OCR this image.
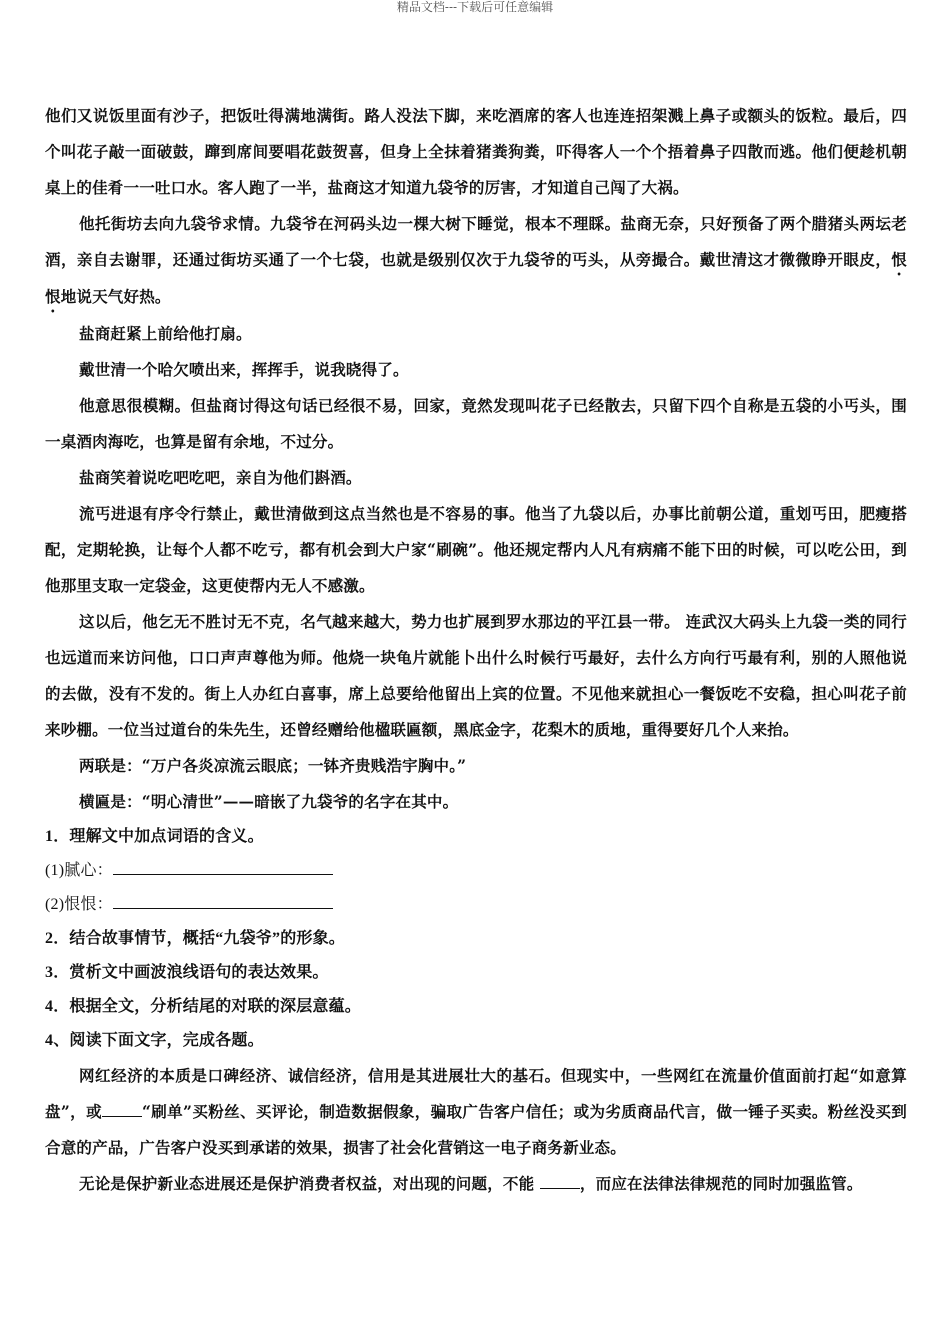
精品文档---下载后可任意编辑

他们又说饭里面有沙子，把饭吐得满地满街。路人没法下脚，来吃酒席的客人也连连招架溅上鼻子或额头的饭粒。最后，四个叫花子敲一面破鼓，蹿到席间要唱花鼓贺喜，但身上全抹着猪粪狗粪，吓得客人一个个捂着鼻子四散而逃。他们便趁机朝桌上的佳肴一一吐口水。客人跑了一半，盐商这才知道九袋爷的厉害，才知道自己闯了大祸。

他托街坊去向九袋爷求情。九袋爷在河码头边一棵大树下睡觉，根本不理睬。盐商无奈，只好预备了两个腊猪头两坛老酒，亲自去谢罪，还通过街坊买通了一个七袋，也就是级别仅次于九袋爷的丐头，从旁撮合。戴世清这才微微睁开眼皮，恨恨地说天气好热。

盐商赶紧上前给他打扇。

戴世清一个哈欠喷出来，挥挥手，说我晓得了。

他意思很模糊。但盐商讨得这句话已经很不易，回家，竟然发现叫花子已经散去，只留下四个自称是五袋的小丐头，围一桌酒肉海吃，也算是留有余地，不过分。

盐商笑着说吃吧吃吧，亲自为他们斟酒。

流丐进退有序令行禁止，戴世清做到这点当然也是不容易的事。他当了九袋以后，办事比前朝公道，重划丐田，肥瘦搭配，定期轮换，让每个人都不吃亏，都有机会到大户家“刷碗”。他还规定帮内人凡有病痛不能下田的时候，可以吃公田，到他那里支取一定袋金，这更使帮内无人不感激。

这以后，他乞无不胜讨无不克，名气越来越大，势力也扩展到罗水那边的平江县一带。 连武汉大码头上九袋一类的同行也远道而来访问他，口口声声尊他为师。他烧一块龟片就能卜出什么时候行丐最好，去什么方向行丐最有利，别的人照他说的去做，没有不发的。街上人办红白喜事，席上总要给他留出上宾的位置。不见他来就担心一餐饭吃不安稳，担心叫花子前来吵棚。一位当过道台的朱先生，还曾经赠给他楹联匾额，黑底金字，花梨木的质地，重得要好几个人来抬。

两联是：“万户各炎凉流云眼底；一钵齐贵贱浩宇胸中。”

横匾是：“明心清世”——暗嵌了九袋爷的名字在其中。

1．理解文中加点词语的含义。

(1)腻心：

(2)恨恨：

2．结合故事情节，概括“九袋爷”的形象。

3．赏析文中画波浪线语句的表达效果。

4．根据全文，分析结尾的对联的深层意蕴。

4、阅读下面文字，完成各题。

网红经济的本质是口碑经济、诚信经济，信用是其进展壮大的基石。但现实中，一些网红在流量价值面前打起“如意算盘”，或	“刷单”买粉丝、买评论，制造数据假象，骗取广告客户信任；或为劣质商品代言，做一锤子买卖。粉丝没买到合意的产品，广告客户没买到承诺的效果，损害了社会化营销这一电子商务新业态。

无论是保护新业态进展还是保护消费者权益，对出现的问题，不能	，而应在法律法律规范的同时加强监管。
